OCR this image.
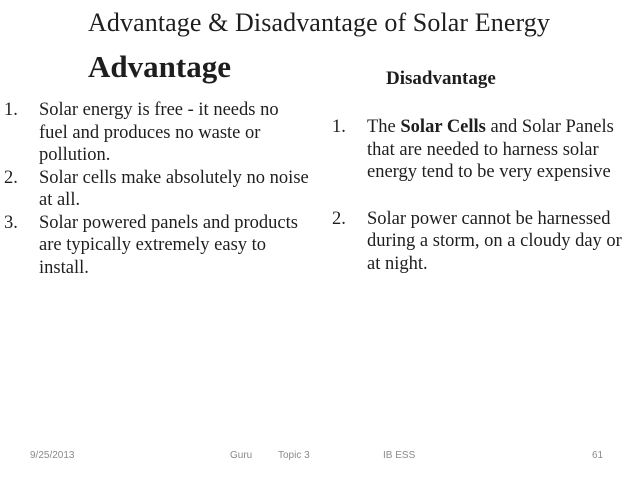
Advantage & Disadvantage of Solar Energy
Advantage	Disadvantage
1. Solar energy is free - it needs no fuel and produces no waste or pollution.
2. Solar cells make absolutely no noise at all.
3. Solar powered panels and products are typically extremely easy to install.
1. The Solar Cells and Solar Panels that are needed to harness solar energy tend to be very expensive
2. Solar power cannot be harnessed during a storm, on a cloudy day or at night.
9/25/2013	Guru	Topic 3	IB ESS	61
